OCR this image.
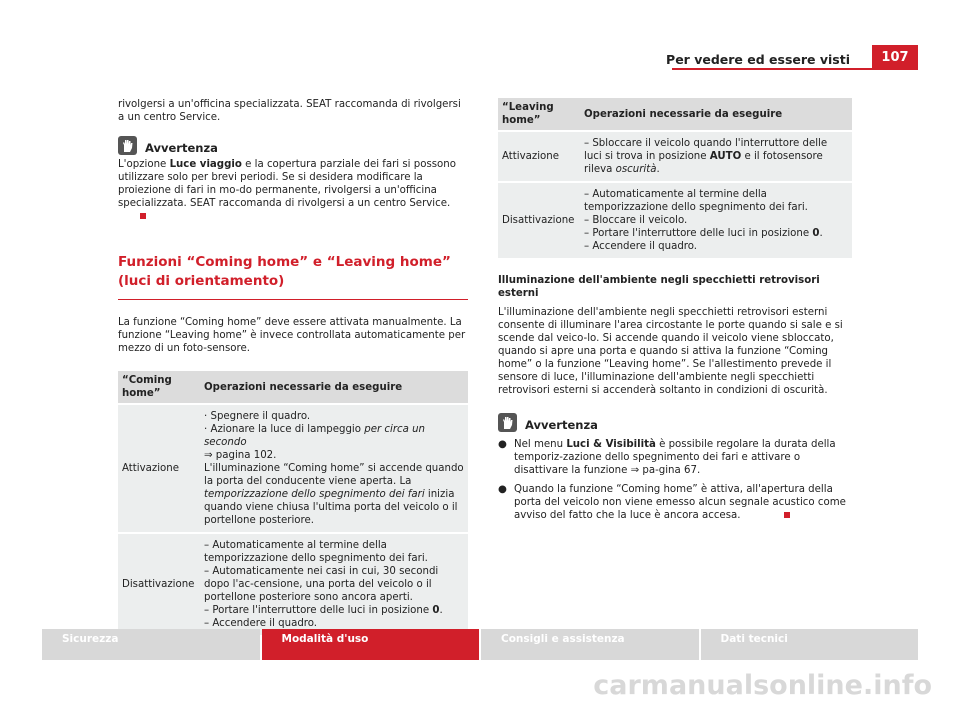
Per vedere ed essere visti	107

rivolgersi a un'officina specializzata. SEAT raccomanda di rivolgersi a un centro Service.

Avvertenza

L'opzione Luce viaggio e la copertura parziale dei fari si possono utilizzare solo per brevi periodi. Se si desidera modificare la proiezione di fari in mo-do permanente, rivolgersi a un'officina specializzata. SEAT raccomanda di rivolgersi a un centro Service.

Funzioni “Coming home” e “Leaving home” (luci di orientamento)

La funzione “Coming home” deve essere attivata manualmente. La funzione “Leaving home” è invece controllata automaticamente per mezzo di un foto-sensore.

“Coming home”	Operazioni necessarie da eseguire
Attivazione	· Spegnere il quadro.
· Azionare la luce di lampeggio per circa un secondo
⇒ pagina 102.
L'illuminazione “Coming home” si accende quando la porta del conducente viene aperta. La temporizzazione dello spegnimento dei fari inizia quando viene chiusa l'ultima porta del veicolo o il portellone posteriore.

Disattivazione	– Automaticamente al termine della temporizzazione dello spegnimento dei fari.
– Automaticamente nei casi in cui, 30 secondi dopo l'ac-censione, una porta del veicolo o il portellone posteriore sono ancora aperti.
– Portare l'interruttore delle luci in posizione 0.
– Accendere il quadro.
“Leaving home”	Operazioni necessarie da eseguire
Attivazione	– Sbloccare il veicolo quando l'interruttore delle luci si trova in posizione AUTO e il fotosensore rileva oscurità.
Disattivazione	– Automaticamente al termine della temporizzazione dello spegnimento dei fari.
– Bloccare il veicolo.
– Portare l'interruttore delle luci in posizione 0.
– Accendere il quadro.

Illuminazione dell'ambiente negli specchietti retrovisori esterni

L'illuminazione dell'ambiente negli specchietti retrovisori esterni consente di illuminare l'area circostante le porte quando si sale e si scende dal veico-lo. Si accende quando il veicolo viene sbloccato, quando si apre una porta e quando si attiva la funzione “Coming home” o la funzione “Leaving home”. Se l'allestimento prevede il sensore di luce, l'illuminazione dell'ambiente negli specchietti retrovisori esterni si accenderà soltanto in condizioni di oscurità.

Avvertenza
● Nel menu Luci & Visibilità è possibile regolare la durata della temporiz-zazione dello spegnimento dei fari e attivare o disattivare la funzione ⇒ pa-gina 67.
● Quando la funzione “Coming home” è attiva, all'apertura della porta del veicolo non viene emesso alcun segnale acustico come avviso del fatto che la luce è ancora accesa.
Sicurezza	Modalità d'uso	Consigli e assistenza	Dati tecnici
carmanualsonline.info
